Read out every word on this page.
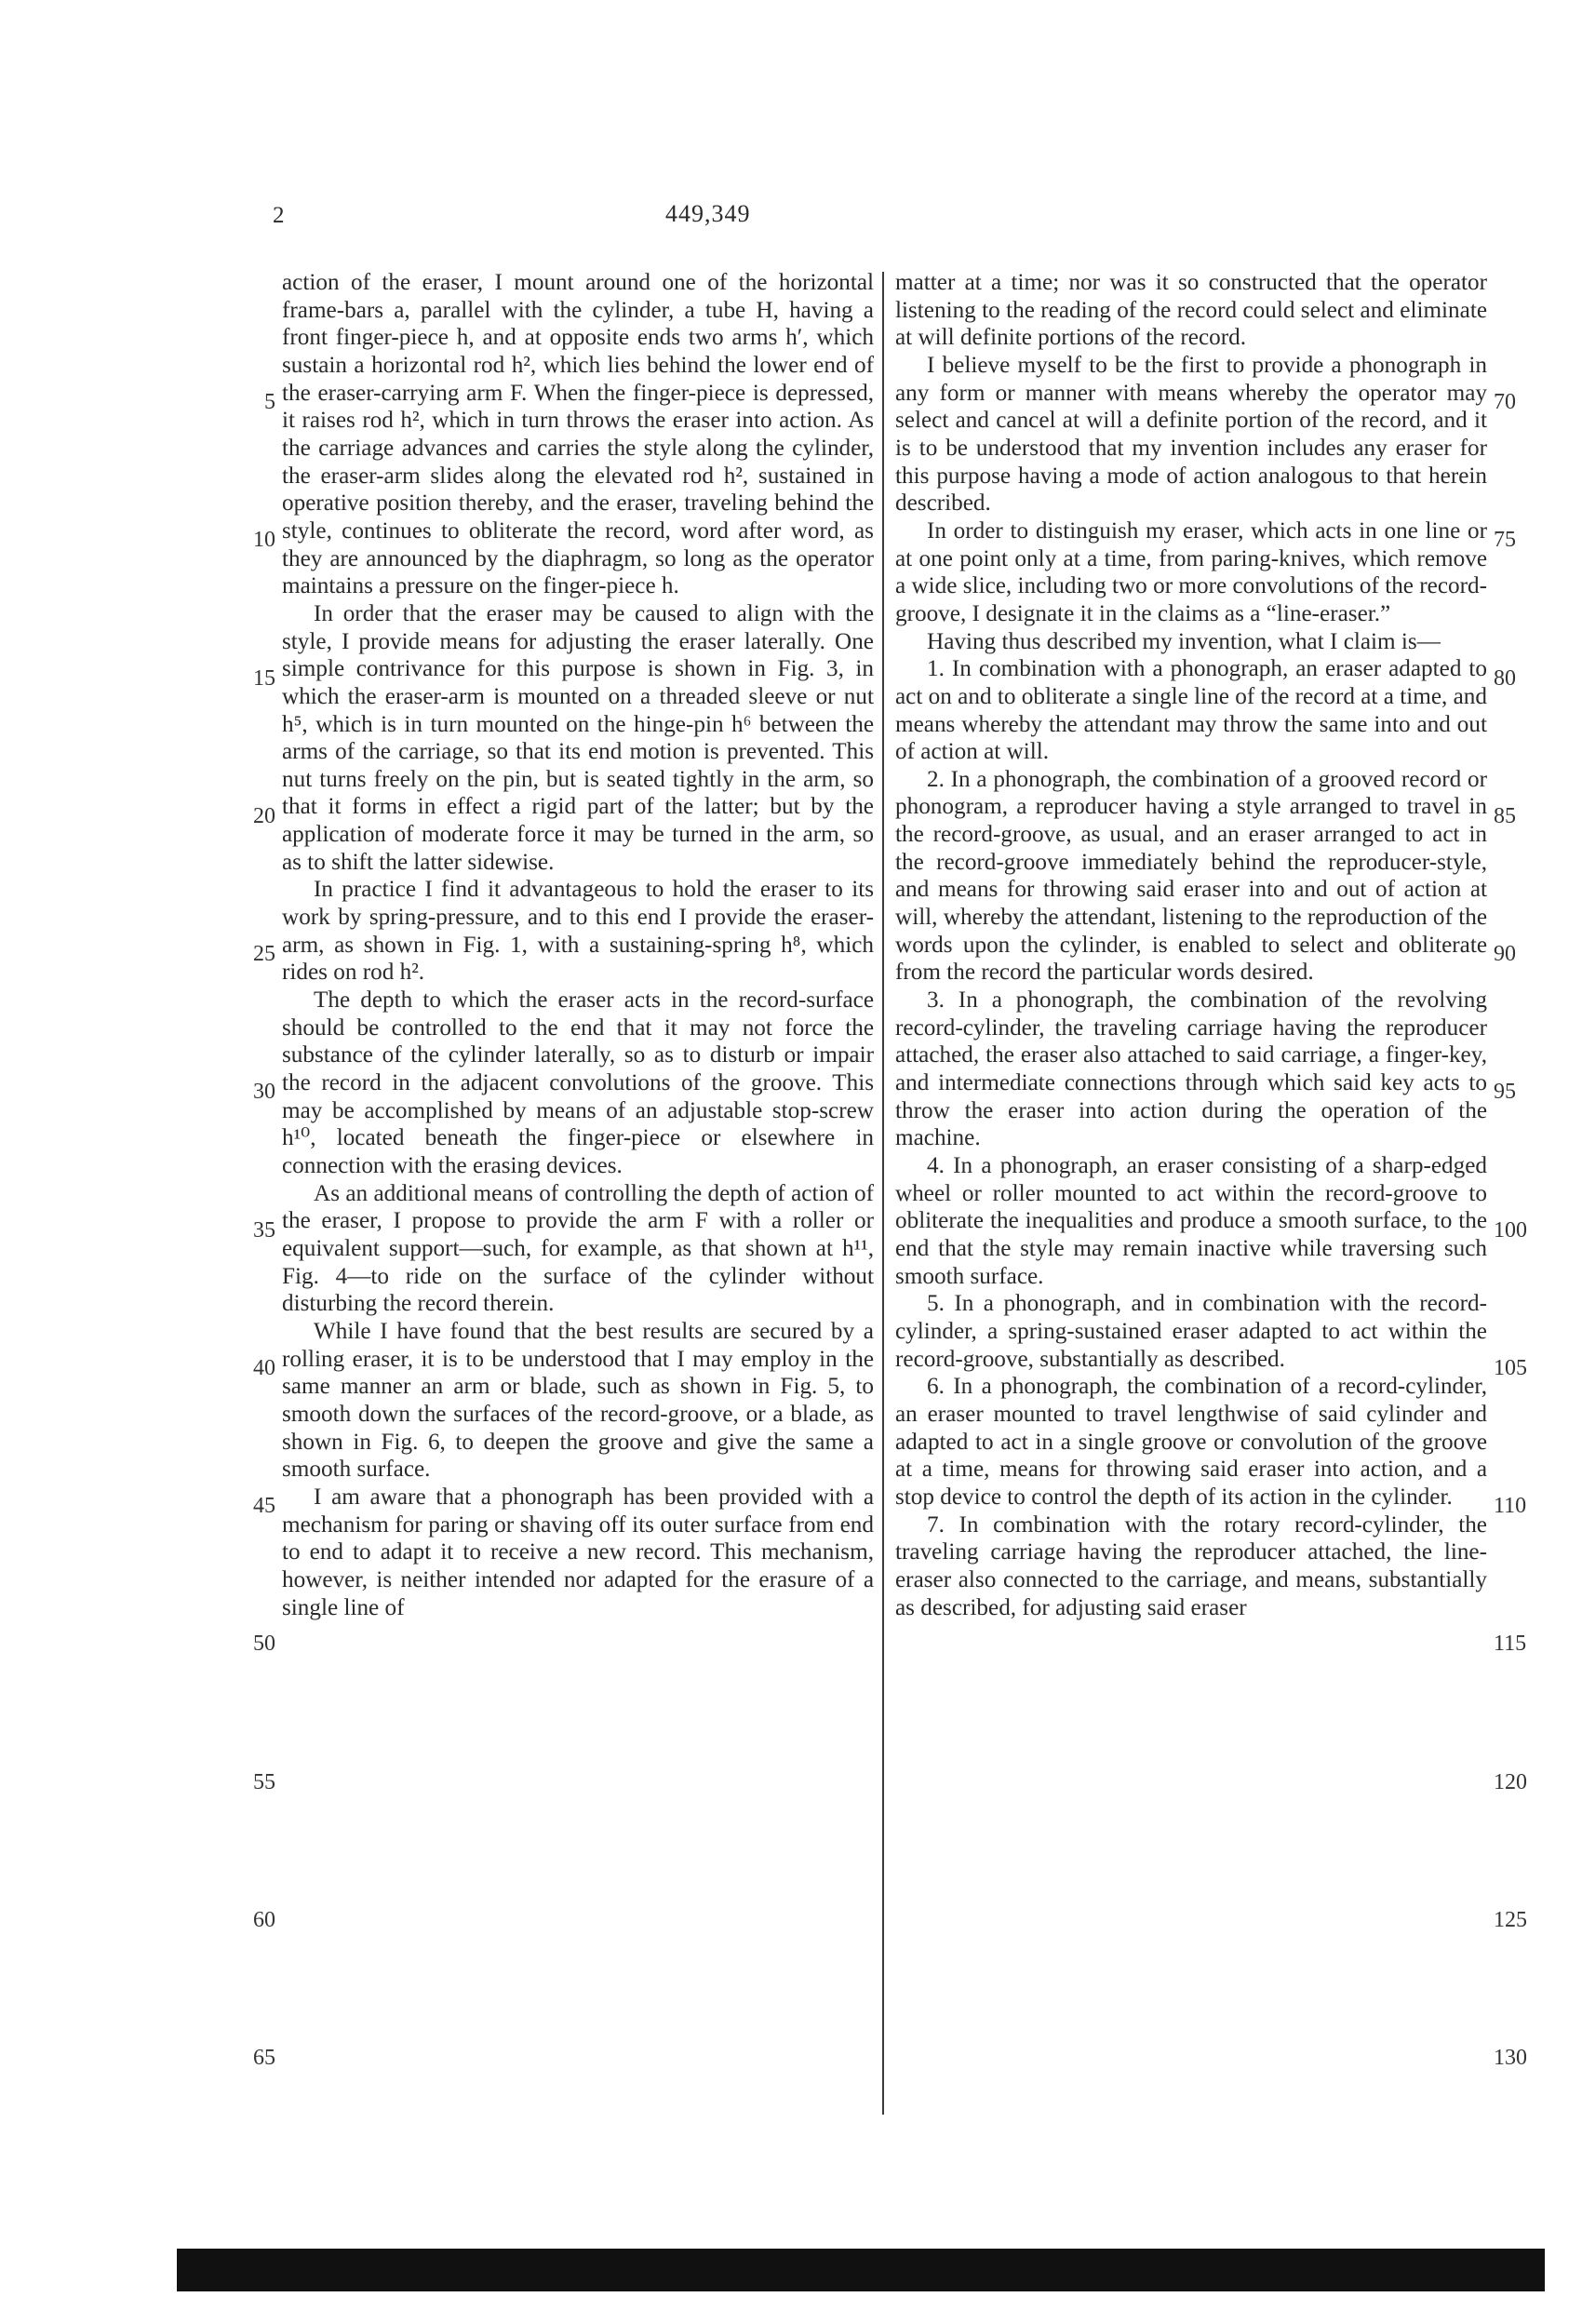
2	449,349

action of the eraser, I mount around one of the horizontal frame-bars a, parallel with the cylinder, a tube H, having a front finger-piece h, and at opposite ends two arms h′, which sustain a horizontal rod h², which lies behind the lower end of the eraser-carrying arm F. When the finger-piece is depressed, it raises rod h², which in turn throws the eraser into action. As the carriage advances and carries the style along the cylinder, the eraser-arm slides along the elevated rod h², sustained in operative position thereby, and the eraser, traveling behind the style, continues to obliterate the record, word after word, as they are announced by the diaphragm, so long as the operator maintains a pressure on the finger-piece h.

In order that the eraser may be caused to align with the style, I provide means for adjusting the eraser laterally. One simple contrivance for this purpose is shown in Fig. 3, in which the eraser-arm is mounted on a threaded sleeve or nut h⁵, which is in turn mounted on the hinge-pin h⁶ between the arms of the carriage, so that its end motion is prevented. This nut turns freely on the pin, but is seated tightly in the arm, so that it forms in effect a rigid part of the latter; but by the application of moderate force it may be turned in the arm, so as to shift the latter sidewise.

In practice I find it advantageous to hold the eraser to its work by spring-pressure, and to this end I provide the eraser-arm, as shown in Fig. 1, with a sustaining-spring h⁸, which rides on rod h².

The depth to which the eraser acts in the record-surface should be controlled to the end that it may not force the substance of the cylinder laterally, so as to disturb or impair the record in the adjacent convolutions of the groove. This may be accomplished by means of an adjustable stop-screw h¹⁰, located beneath the finger-piece or elsewhere in connection with the erasing devices.

As an additional means of controlling the depth of action of the eraser, I propose to provide the arm F with a roller or equivalent support—such, for example, as that shown at h¹¹, Fig. 4—to ride on the surface of the cylinder without disturbing the record therein.

While I have found that the best results are secured by a rolling eraser, it is to be understood that I may employ in the same manner an arm or blade, such as shown in Fig. 5, to smooth down the surfaces of the record-groove, or a blade, as shown in Fig. 6, to deepen the groove and give the same a smooth surface.

I am aware that a phonograph has been provided with a mechanism for paring or shaving off its outer surface from end to end to adapt it to receive a new record. This mechanism, however, is neither intended nor adapted for the erasure of a single line of

matter at a time; nor was it so constructed that the operator listening to the reading of the record could select and eliminate at will definite portions of the record.

I believe myself to be the first to provide a phonograph in any form or manner with means whereby the operator may select and cancel at will a definite portion of the record, and it is to be understood that my invention includes any eraser for this purpose having a mode of action analogous to that herein described.

In order to distinguish my eraser, which acts in one line or at one point only at a time, from paring-knives, which remove a wide slice, including two or more convolutions of the record-groove, I designate it in the claims as a “line-eraser.”

Having thus described my invention, what I claim is—

1. In combination with a phonograph, an eraser adapted to act on and to obliterate a single line of the record at a time, and means whereby the attendant may throw the same into and out of action at will.

2. In a phonograph, the combination of a grooved record or phonogram, a reproducer having a style arranged to travel in the record-groove, as usual, and an eraser arranged to act in the record-groove immediately behind the reproducer-style, and means for throwing said eraser into and out of action at will, whereby the attendant, listening to the reproduction of the words upon the cylinder, is enabled to select and obliterate from the record the particular words desired.

3. In a phonograph, the combination of the revolving record-cylinder, the traveling carriage having the reproducer attached, the eraser also attached to said carriage, a finger-key, and intermediate connections through which said key acts to throw the eraser into action during the operation of the machine.

4. In a phonograph, an eraser consisting of a sharp-edged wheel or roller mounted to act within the record-groove to obliterate the inequalities and produce a smooth surface, to the end that the style may remain inactive while traversing such smooth surface.

5. In a phonograph, and in combination with the record-cylinder, a spring-sustained eraser adapted to act within the record-groove, substantially as described.

6. In a phonograph, the combination of a record-cylinder, an eraser mounted to travel lengthwise of said cylinder and adapted to act in a single groove or convolution of the groove at a time, means for throwing said eraser into action, and a stop device to control the depth of its action in the cylinder.

7. In combination with the rotary record-cylinder, the traveling carriage having the reproducer attached, the line-eraser also connected to the carriage, and means, substantially as described, for adjusting said eraser

5
10
15
20
25
30
35
40
45
50
55
60
65
70
75
80
85
90
95
100
105
110
115
120
125
130
